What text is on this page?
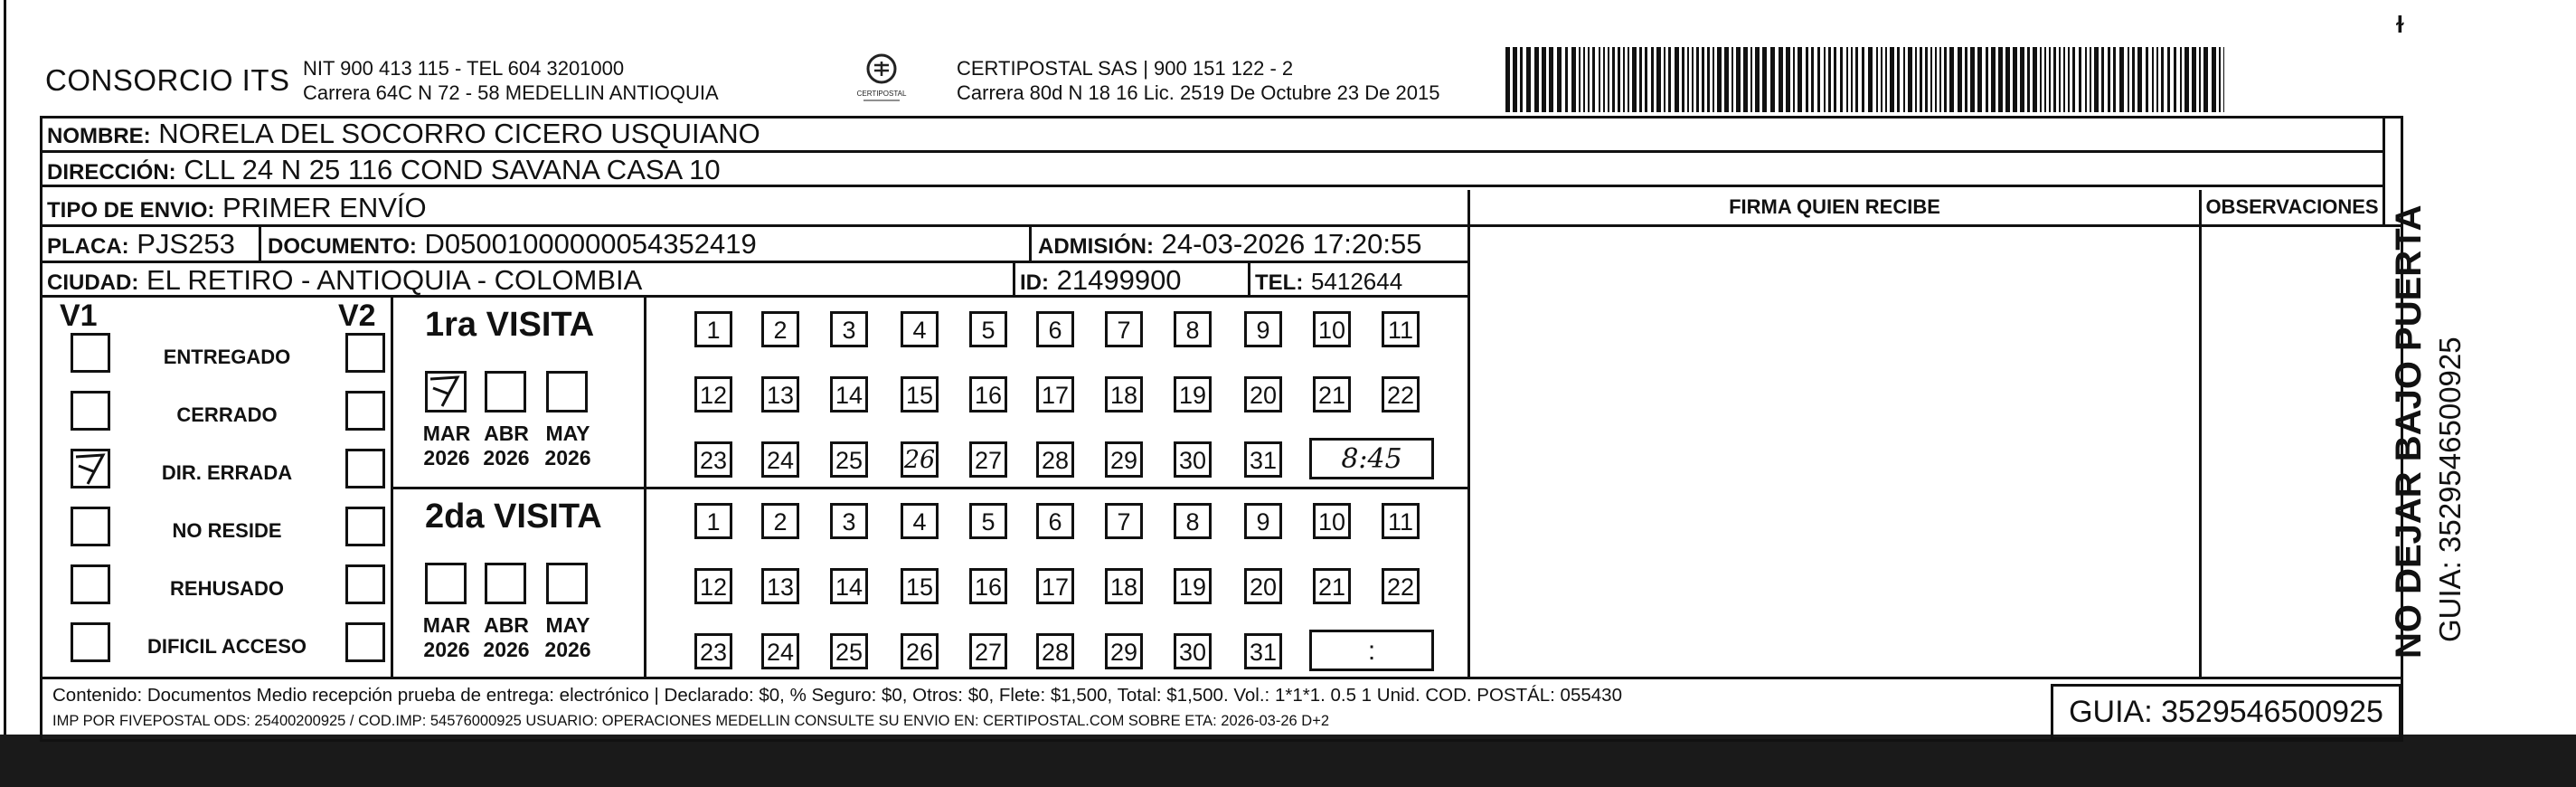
ɫ
CONSORCIO ITS NIT 900 413 115 - TEL 604 3201000
Carrera 64C N 72 - 58 MEDELLIN ANTIOQUIA	CERTIPOSTAL
CERTIPOSTAL SAS | 900 151 122 - 2
Carrera 80d N 18 16 Lic. 2519 De Octubre 23 De 2015
NOMBRE: NORELA DEL SOCORRO CICERO USQUIANO
DIRECCIÓN: CLL 24 N 25 116 COND SAVANA CASA 10
TIPO DE ENVIO: PRIMER ENVÍO	FIRMA QUIEN RECIBE	OBSERVACIONES
PLACA: PJS253 DOCUMENTO: D05001000000054352419	ADMISIÓN: 24-03-2026 17:20:55
CIUDAD: EL RETIRO - ANTIOQUIA - COLOMBIA	ID: 21499900	TEL: 5412644
V1	V2
ENTREGADO
CERRADO
DIR. ERRADA
NO RESIDE
REHUSADO
DIFICIL ACCESO
1ra VISITA
MAR
2026
ABR
2026
MAY
2026
1	2	3	4	5	6	7	8	9	10 11
12 13 14 15 16 17 18 19 20 21 22
23 24 25 26 27 28 29 30 31	8:45
2da VISITA
MAR
2026
ABR
2026
MAY
2026
1	2	3	4	5	6	7	8	9	10 11
12 13 14 15 16 17 18 19 20 21 22
23 24 25 26 27 28 29 30 31	:
Contenido: Documentos Medio recepción prueba de entrega: electrónico | Declarado: $0, % Seguro: $0, Otros: $0, Flete: $1,500, Total: $1,500. Vol.: 1*1*1. 0.5 1 Unid. COD. POSTÁL: 055430
IMP POR FIVEPOSTAL ODS: 25400200925 / COD.IMP: 54576000925 USUARIO: OPERACIONES MEDELLIN CONSULTE SU ENVIO EN: CERTIPOSTAL.COM SOBRE ETA: 2026-03-26 D+2	GUIA: 3529546500925
NO DEJAR BAJO PUERTA GUIA: 3529546500925
